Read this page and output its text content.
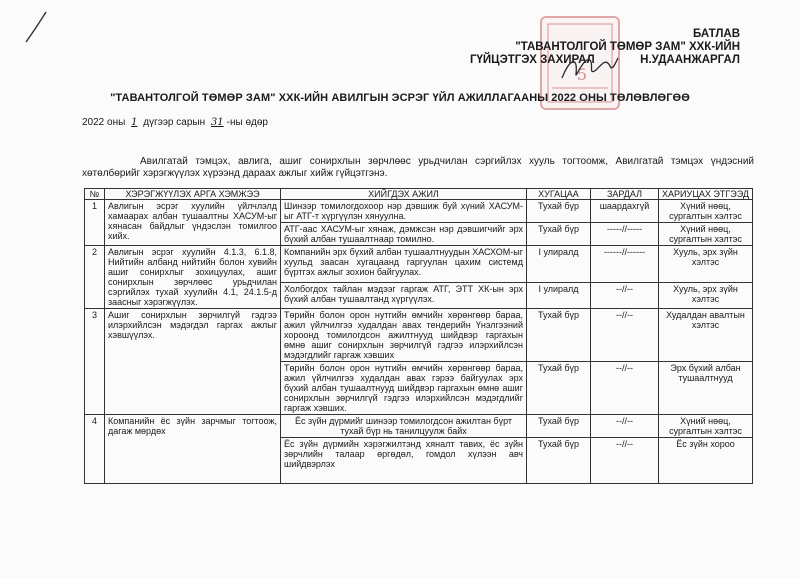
5
БАТЛАВ
"ТАВАНТОЛГОЙ ТӨМӨР ЗАМ" ХХК-ИЙН
ГҮЙЦЭТГЭХ ЗАХИРАЛ	Н.УДААНЖАРГАЛ
"ТАВАНТОЛГОЙ ТӨМӨР ЗАМ" ХХК-ИЙН АВИЛГЫН ЭСРЭГ ҮЙЛ АЖИЛЛАГААНЫ 2022 ОНЫ ТӨЛӨВЛӨГӨӨ
2022 оны 1 дүгээр сарын 31 -ны өдөр
Авилгатай тэмцэх, авлига, ашиг сонирхлын зөрчлөөс урьдчилан сэргийлэх хууль тогтоомж, Авилгатай тэмцэх үндэсний хөтөлбөрийг хэрэгжүүлэх хүрээнд дараах ажлыг хийж гүйцэтгэнэ.
№	ХЭРЭГЖҮҮЛЭХ АРГА ХЭМЖЭЭ	ХИЙГДЭХ АЖИЛ	ХУГАЦАА	ЗАРДАЛ	ХАРИУЦАХ ЭТГЭЭД
1	Авлигын эсрэг хуулийн үйлчлэлд хамаарах албан тушаалтны ХАСУМ-ыг хянасан байдлыг үндэслэн томилгоо хийх.	Шинээр томилогдохоор нэр дэвшиж буй хүний ХАСУМ-ыг АТГ-т хүргүүлэн хянуулна.	Тухай бүр	шаардахгүй	Хүний нөөц, сургалтын хэлтэс
		АТГ-аас ХАСУМ-ыг хянаж, дэмжсэн нэр дэвшигчийг эрх бүхий албан тушаалтнаар томилно.	Тухай бүр	-----//-----	Хүний нөөц, сургалтын хэлтэс
2	Авлигын эсрэг хуулийн 4.1.3, 6.1.8, Нийтийн албанд нийтийн болон хувийн ашиг сонирхлыг зохицуулах, ашиг сонирхлын зөрчлөөс урьдчилан сэргийлэх тухай хуулийн 4.1, 24.1.5-д заасныг хэрэгжүүлэх.	Компанийн эрх бүхий албан тушаалтнуудын ХАСХОМ-ыг хуульд заасан хугацаанд гаргуулан цахим системд бүртгэх ажлыг зохион байгуулах.	I улиралд	------//------	Хууль, эрх зүйн хэлтэс
		Холбогдох тайлан мэдээг гаргаж АТГ, ЭТТ ХК-ын эрх бүхий албан тушаалтанд хүргүүлэх.	I улиралд	--//--	Хууль, эрх зүйн хэлтэс
3	Ашиг сонирхлын зөрчилгүй гэдгээ илэрхийлсэн мэдэгдэл гаргах ажлыг хэвшүүлэх.	Төрийн болон орон нутгийн өмчийн хөрөнгөөр бараа, ажил үйлчилгээ худалдан авах тендерийн Үнэлгээний хороонд томилогдсон ажилтнууд шийдвэр гаргахын өмнө ашиг сонирхлын зөрчилгүй гэдгээ илэрхийлсэн мэдэгдлийг гаргаж хэвших	Тухай бүр	--//--	Худалдан авалтын хэлтэс
		Төрийн болон орон нутгийн өмчийн хөрөнгөөр бараа, ажил үйлчилгээ худалдан авах гэрээ байгуулах эрх бүхий албан тушаалтнууд шийдвэр гаргахын өмнө ашиг сонирхлын зөрчилгүй гэдгээ илэрхийлсэн мэдэгдлийг гаргаж хэвших.	Тухай бүр	--//--	Эрх бүхий албан тушаалтнууд
4	Компанийн ёс зүйн зарчмыг тогтоож, дагаж мөрдөх	Ёс зүйн дүрмийг шинээр томилогдсон ажилтан бүрт тухай бүр нь танилцуулж байх	Тухай бүр	--//--	Хүний нөөц, сургалтын хэлтэс
		Ёс зүйн дүрмийн хэрэгжилтэнд хяналт тавих, ёс зүйн зөрчлийн талаар өргөдөл, гомдол хүлээн авч шийдвэрлэх	Тухай бүр	--//--	Ёс зүйн хороо
